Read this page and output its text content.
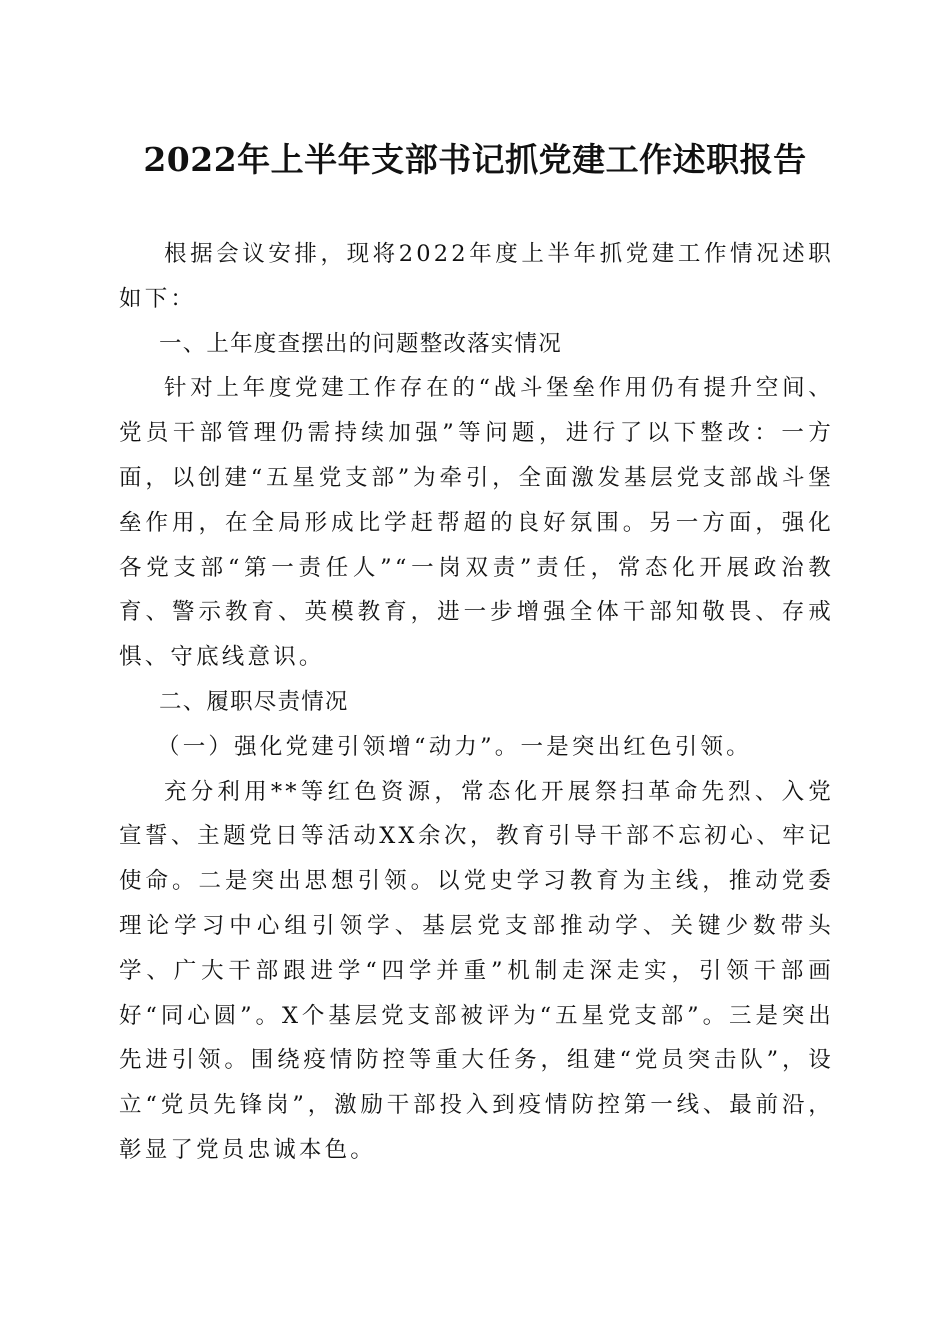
2022年上半年支部书记抓党建工作述职报告

根据会议安排，现将2022年度上半年抓党建工作情况述职如下：

一、上年度查摆出的问题整改落实情况

针对上年度党建工作存在的“战斗堡垒作用仍有提升空间、党员干部管理仍需持续加强”等问题，进行了以下整改：一方面，以创建“五星党支部”为牵引，全面激发基层党支部战斗堡垒作用，在全局形成比学赶帮超的良好氛围。另一方面，强化各党支部“第一责任人”“一岗双责”责任，常态化开展政治教育、警示教育、英模教育，进一步增强全体干部知敬畏、存戒惧、守底线意识。

二、履职尽责情况
（一）强化党建引领增“动力”。一是突出红色引领。

充分利用**等红色资源，常态化开展祭扫革命先烈、入党宣誓、主题党日等活动XX余次，教育引导干部不忘初心、牢记使命。二是突出思想引领。以党史学习教育为主线，推动党委理论学习中心组引领学、基层党支部推动学、关键少数带头学、广大干部跟进学“四学并重”机制走深走实，引领干部画好“同心圆”。X个基层党支部被评为“五星党支部”。三是突出先进引领。围绕疫情防控等重大任务，组建“党员突击队”，设立“党员先锋岗”，激励干部投入到疫情防控第一线、最前沿，彰显了党员忠诚本色。
